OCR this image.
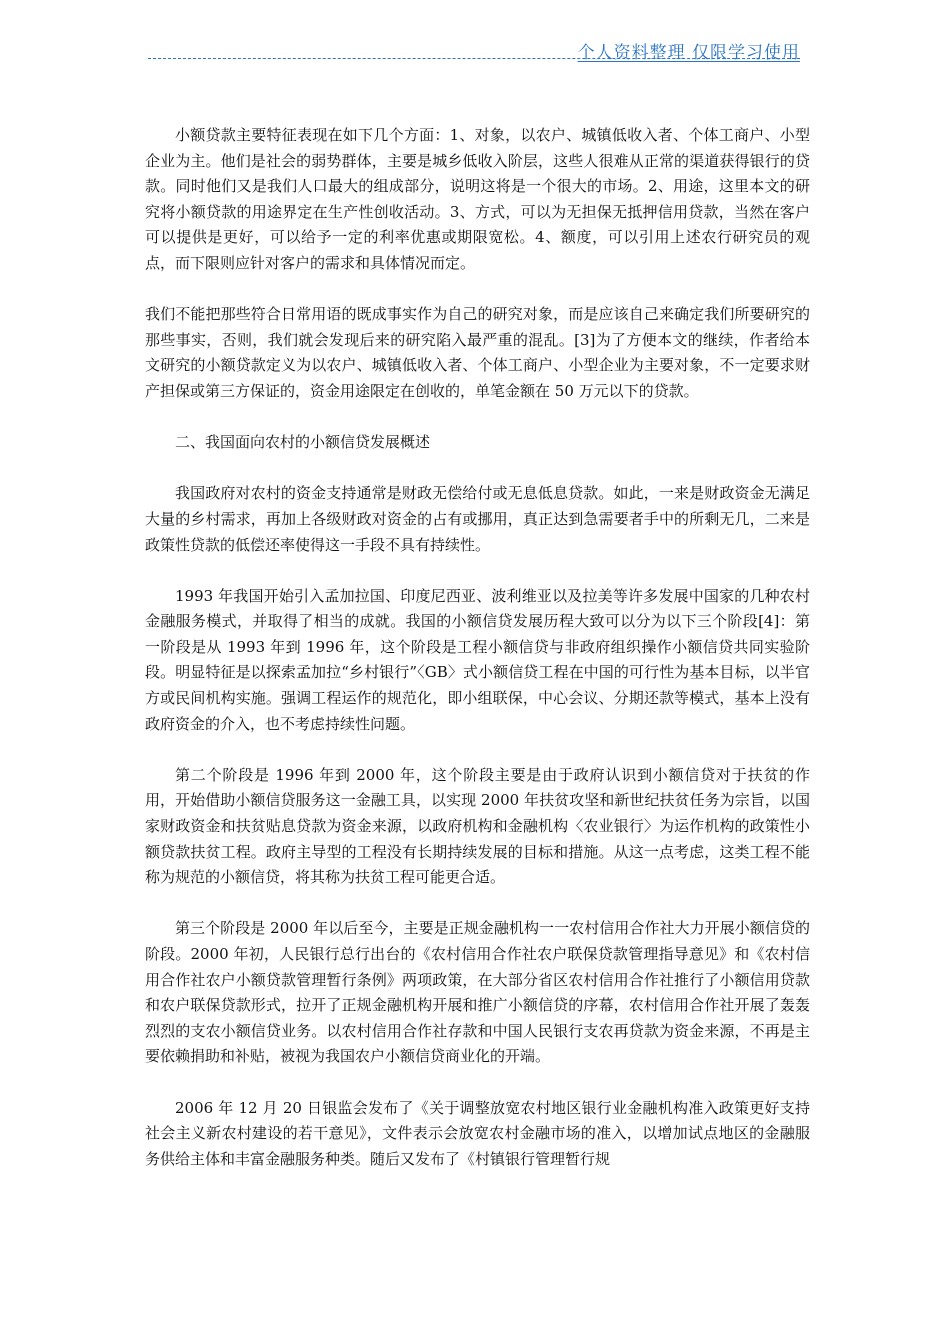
个人资料整理 仅限学习使用

小额贷款主要特征表现在如下几个方面：1、对象，以农户、城镇低收入者、个体工商户、小型企业为主。他们是社会的弱势群体，主要是城乡低收入阶层，这些人很难从正常的渠道获得银行的贷款。同时他们又是我们人口最大的组成部分，说明这将是一个很大的市场。2、用途，这里本文的研究将小额贷款的用途界定在生产性创收活动。3、方式，可以为无担保无抵押信用贷款，当然在客户可以提供是更好，可以给予一定的利率优惠或期限宽松。4、额度，可以引用上述农行研究员的观点，而下限则应针对客户的需求和具体情况而定。

我们不能把那些符合日常用语的既成事实作为自己的研究对象，而是应该自己来确定我们所要研究的那些事实，否则，我们就会发现后来的研究陷入最严重的混乱。[3]为了方便本文的继续，作者给本文研究的小额贷款定义为以农户、城镇低收入者、个体工商户、小型企业为主要对象，不一定要求财产担保或第三方保证的，资金用途限定在创收的，单笔金额在 50 万元以下的贷款。

二、我国面向农村的小额信贷发展概述

我国政府对农村的资金支持通常是财政无偿给付或无息低息贷款。如此，一来是财政资金无满足大量的乡村需求，再加上各级财政对资金的占有或挪用，真正达到急需要者手中的所剩无几，二来是政策性贷款的低偿还率使得这一手段不具有持续性。

1993 年我国开始引入孟加拉国、印度尼西亚、波利维亚以及拉美等许多发展中国家的几种农村金融服务模式，并取得了相当的成就。我国的小额信贷发展历程大致可以分为以下三个阶段[4]：第一阶段是从 1993 年到 1996 年，这个阶段是工程小额信贷与非政府组织操作小额信贷共同实验阶段。明显特征是以探索孟加拉“乡村银行”〈GB〉式小额信贷工程在中国的可行性为基本目标，以半官方或民间机构实施。强调工程运作的规范化，即小组联保，中心会议、分期还款等模式，基本上没有政府资金的介入，也不考虑持续性问题。

第二个阶段是 1996 年到 2000 年，这个阶段主要是由于政府认识到小额信贷对于扶贫的作用，开始借助小额信贷服务这一金融工具，以实现 2000 年扶贫攻坚和新世纪扶贫任务为宗旨，以国家财政资金和扶贫贴息贷款为资金来源，以政府机构和金融机构〈农业银行〉为运作机构的政策性小额贷款扶贫工程。政府主导型的工程没有长期持续发展的目标和措施。从这一点考虑，这类工程不能称为规范的小额信贷，将其称为扶贫工程可能更合适。

第三个阶段是 2000 年以后至今，主要是正规金融机构一一农村信用合作社大力开展小额信贷的阶段。2000 年初，人民银行总行出台的《农村信用合作社农户联保贷款管理指导意见》和《农村信用合作社农户小额贷款管理暂行条例》两项政策，在大部分省区农村信用合作社推行了小额信用贷款和农户联保贷款形式，拉开了正规金融机构开展和推广小额信贷的序幕，农村信用合作社开展了轰轰烈烈的支农小额信贷业务。以农村信用合作社存款和中国人民银行支农再贷款为资金来源，不再是主要依赖捐助和补贴，被视为我国农户小额信贷商业化的开端。

2006 年 12 月 20 日银监会发布了《关于调整放宽农村地区银行业金融机构准入政策更好支持社会主义新农村建设的若干意见》，文件表示会放宽农村金融市场的准入，以增加试点地区的金融服务供给主体和丰富金融服务种类。随后又发布了《村镇银行管理暂行规
